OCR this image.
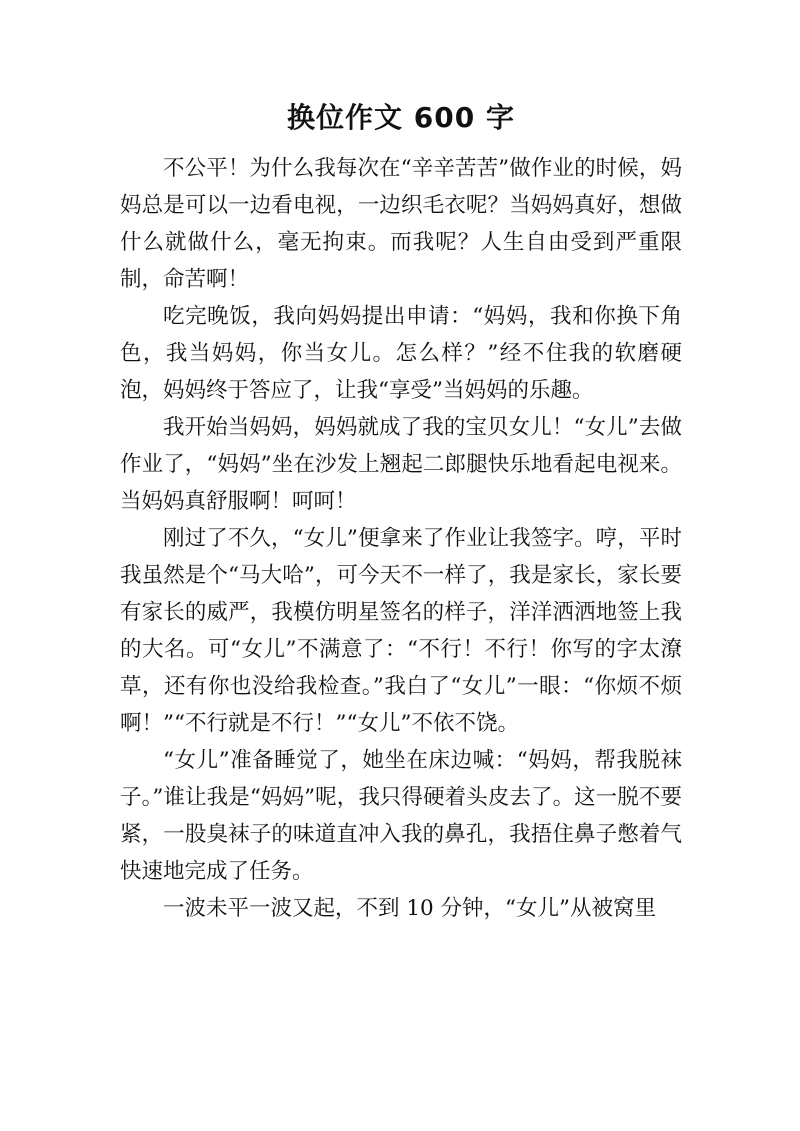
换位作文 600 字

不公平！为什么我每次在“辛辛苦苦”做作业的时候，妈妈总是可以一边看电视，一边织毛衣呢？当妈妈真好，想做什么就做什么，毫无拘束。而我呢？人生自由受到严重限制，命苦啊！

吃完晚饭，我向妈妈提出申请：“妈妈，我和你换下角色，我当妈妈，你当女儿。怎么样？”经不住我的软磨硬泡，妈妈终于答应了，让我“享受”当妈妈的乐趣。

我开始当妈妈，妈妈就成了我的宝贝女儿！“女儿”去做作业了，“妈妈”坐在沙发上翘起二郎腿快乐地看起电视来。当妈妈真舒服啊！呵呵！

刚过了不久，“女儿”便拿来了作业让我签字。哼，平时我虽然是个“马大哈”，可今天不一样了，我是家长，家长要有家长的威严，我模仿明星签名的样子，洋洋洒洒地签上我的大名。可“女儿”不满意了：“不行！不行！你写的字太潦草，还有你也没给我检查。”我白了“女儿”一眼：“你烦不烦啊！”“不行就是不行！”“女儿”不依不饶。

“女儿”准备睡觉了，她坐在床边喊：“妈妈，帮我脱袜子。”谁让我是“妈妈”呢，我只得硬着头皮去了。这一脱不要紧，一股臭袜子的味道直冲入我的鼻孔，我捂住鼻子憋着气快速地完成了任务。

一波未平一波又起，不到 10 分钟，“女儿”从被窝里
